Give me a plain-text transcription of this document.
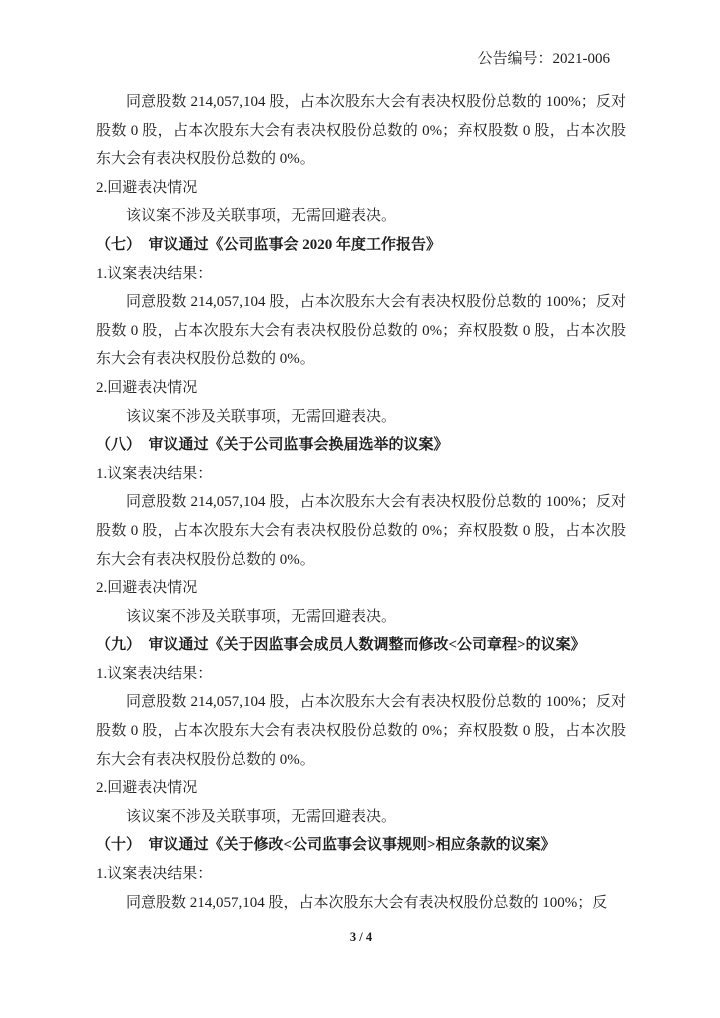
公告编号：2021-006

同意股数 214,057,104 股，占本次股东大会有表决权股份总数的 100%；反对股数 0 股，占本次股东大会有表决权股份总数的 0%；弃权股数 0 股，占本次股东大会有表决权股份总数的 0%。

2.回避表决情况

该议案不涉及关联事项，无需回避表决。

（七）　审议通过《公司监事会 2020 年度工作报告》

1.议案表决结果：

同意股数 214,057,104 股，占本次股东大会有表决权股份总数的 100%；反对股数 0 股，占本次股东大会有表决权股份总数的 0%；弃权股数 0 股，占本次股东大会有表决权股份总数的 0%。

2.回避表决情况

该议案不涉及关联事项，无需回避表决。

（八）　审议通过《关于公司监事会换届选举的议案》

1.议案表决结果：

同意股数 214,057,104 股，占本次股东大会有表决权股份总数的 100%；反对股数 0 股，占本次股东大会有表决权股份总数的 0%；弃权股数 0 股，占本次股东大会有表决权股份总数的 0%。

2.回避表决情况

该议案不涉及关联事项，无需回避表决。

（九）　审议通过《关于因监事会成员人数调整而修改<公司章程>的议案》

1.议案表决结果：

同意股数 214,057,104 股，占本次股东大会有表决权股份总数的 100%；反对股数 0 股，占本次股东大会有表决权股份总数的 0%；弃权股数 0 股，占本次股东大会有表决权股份总数的 0%。

2.回避表决情况

该议案不涉及关联事项，无需回避表决。

（十）　审议通过《关于修改<公司监事会议事规则>相应条款的议案》

1.议案表决结果：

同意股数 214,057,104 股，占本次股东大会有表决权股份总数的 100%；反

3 / 4
